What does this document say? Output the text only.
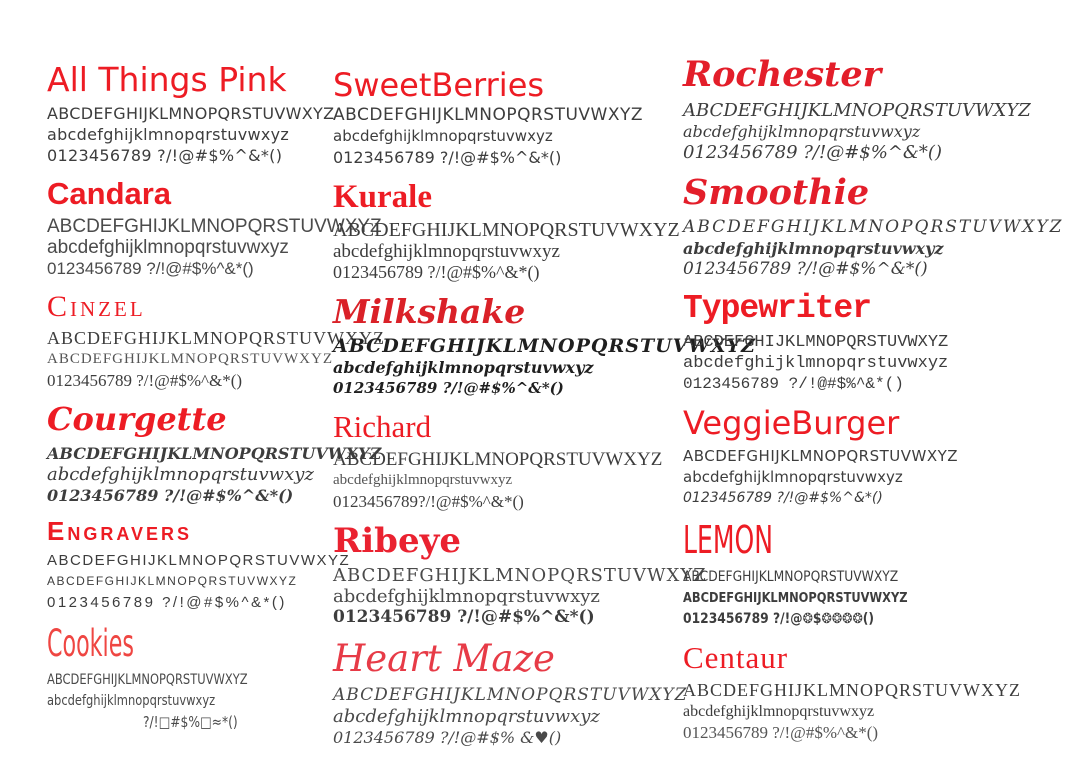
All Things Pink
ABCDEFGHIJKLMNOPQRSTUVWXYZ
abcdefghijklmnopqrstuvwxyz
0123456789 ?/!@#$%^&*()
Candara
ABCDEFGHIJKLMNOPQRSTUVWXYZ
abcdefghijklmnopqrstuvwxyz
0123456789 ?/!@#$%^&*()
Cinzel
ABCDEFGHIJKLMNOPQRSTUVWXYZ
ABCDEFGHIJKLMNOPQRSTUVWXYZ
0123456789 ?/!@#$%^&*()
Courgette
ABCDEFGHIJKLMNOPQRSTUVWXYZ
abcdefghijklmnopqrstuvwxyz
0123456789 ?/!@#$%^&*()
Engravers
ABCDEFGHIJKLMNOPQRSTUVWXYZ
ABCDEFGHIJKLMNOPQRSTUVWXYZ
0123456789 ?/!@#$%^&*()
Cookies
ABCDEFGHIJKLMNOPQRSTUVWXYZ
abcdefghijklmnopqrstuvwxyz
?/!□#$%□≈*()
SweetBerries
ABCDEFGHIJKLMNOPQRSTUVWXYZ
abcdefghijklmnopqrstuvwxyz
0123456789 ?/!@#$%^&*()
Kurale
ABCDEFGHIJKLMNOPQRSTUVWXYZ
abcdefghijklmnopqrstuvwxyz
0123456789 ?/!@#$%^&*()
Milkshake
ABCDEFGHIJKLMNOPQRSTUVWXYZ
abcdefghijklmnopqrstuvwxyz
0123456789 ?/!@#$%^&*()
Richard
ABCDEFGHIJKLMNOPQRSTUVWXYZ
abcdefghijklmnopqrstuvwxyz
0123456789?/!@#$%^&*()
Ribeye
ABCDEFGHIJKLMNOPQRSTUVWXYZ
abcdefghijklmnopqrstuvwxyz
0123456789 ?/!@#$%^&*()
Heart Maze
ABCDEFGHIJKLMNOPQRSTUVWXYZ
abcdefghijklmnopqrstuvwxyz
0123456789 ?/!@#$% &♥()
Rochester
ABCDEFGHIJKLMNOPQRSTUVWXYZ
abcdefghijklmnopqrstuvwxyz
0123456789 ?/!@#$%^&*()
Smoothie
ABCDEFGHIJKLMNOPQRSTUVWXYZ
abcdefghijklmnopqrstuvwxyz
0123456789 ?/!@#$%^&*()
Typewriter
ABCDEFGHIJKLMNOPQRSTUVWXYZ
abcdefghijklmnopqrstuvwxyz
0123456789 ?/!@#$%^&*()
VeggieBurger
ABCDEFGHIJKLMNOPQRSTUVWXYZ
abcdefghijklmnopqrstuvwxyz
0123456789 ?/!@#$%^&*()
LEMON
ABCDEFGHIJKLMNOPQRSTUVWXYZ
ABCDEFGHIJKLMNOPQRSTUVWXYZ
0123456789 ?/!@❂$❂❂❂❂()
Centaur
ABCDEFGHIJKLMNOPQRSTUVWXYZ
abcdefghijklmnopqrstuvwxyz
0123456789 ?/!@#$%^&*()
